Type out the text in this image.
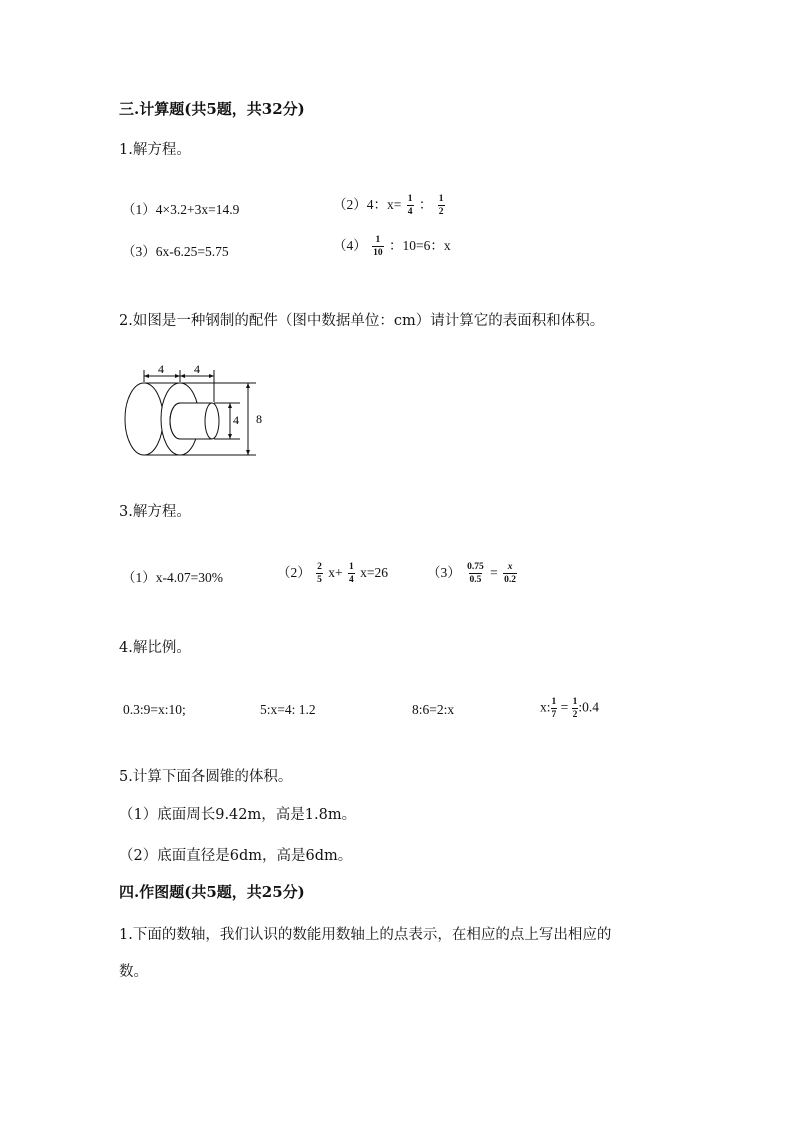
三.计算题(共5题，共32分)
1.解方程。
（1）4×3.2+3x=14.9	（2）4：$x= \frac{1}{4}$ ： $\frac{1}{2}$
（3）6x-6.25=5.75	$(4) \frac{1}{10}$ ：10=6：x
2.如图是一种钢制的配件（图中数据单位：cm）请计算它的表面积和体积。
4	4
4 8
3.解方程。
（1）x-4.07=30%	$(2) \frac{2}{5} x+ \frac{1}{4} x=26$	$(3) \frac{0.75}{0.5} = \frac{x}{0.2}$
4.解比例。
0.3:9=x:10;	5:x=4: 1.2	8:6=2:x	x: $\frac{1}{7} = \frac{1}{2}$ :0.4
5.计算下面各圆锥的体积。
（1）底面周长9.42m，高是1.8m。
（2）底面直径是6dm，高是6dm。
四.作图题(共5题，共25分)
1.下面的数轴，我们认识的数能用数轴上的点表示，在相应的点上写出相应的
数。
